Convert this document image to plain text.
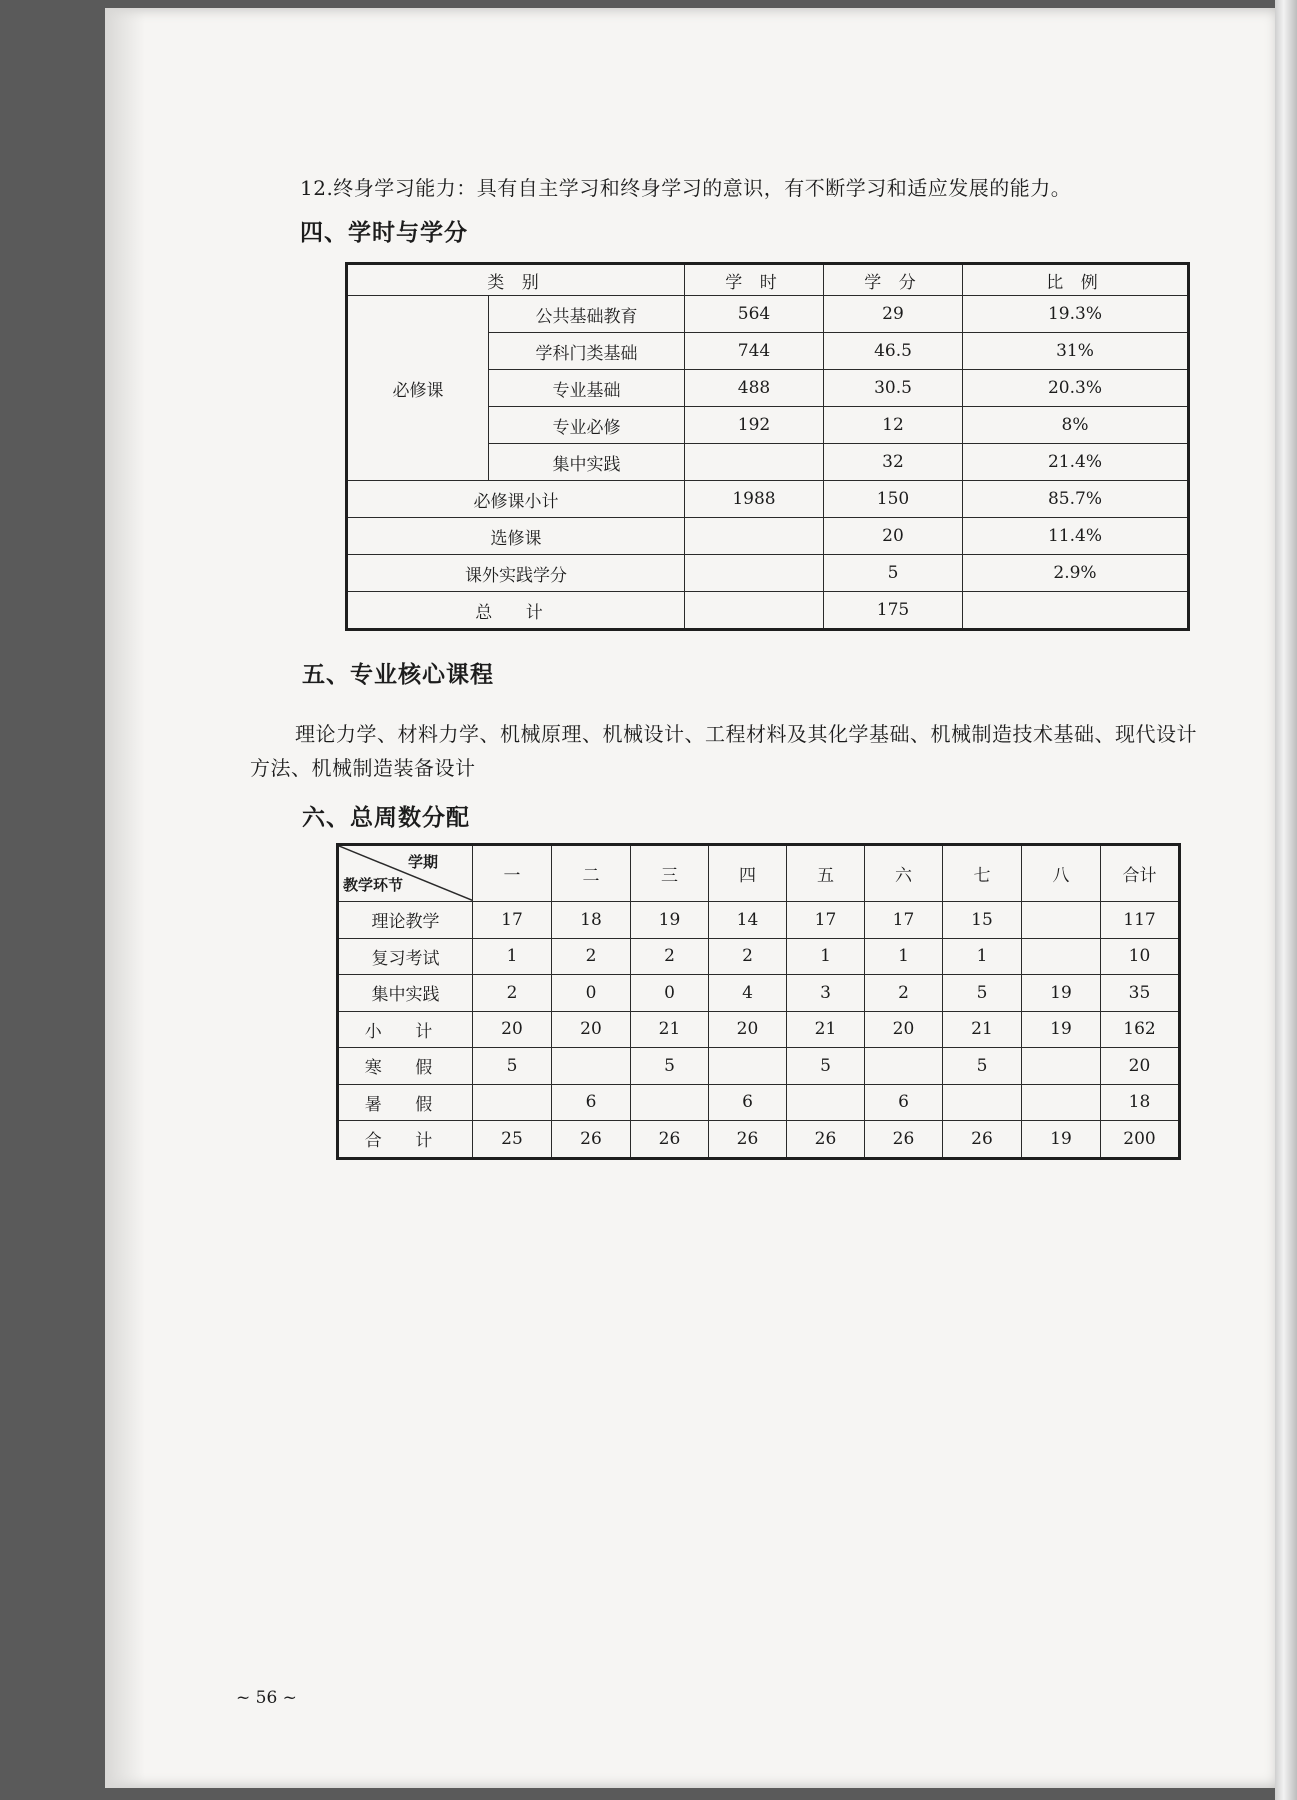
12.终身学习能力：具有自主学习和终身学习的意识，有不断学习和适应发展的能力。
四、学时与学分
类 别		学 时	学 分	比 例
必修课	公共基础教育	564	29	19.3%
	学科门类基础	744	46.5	31%
	专业基础	488	30.5	20.3%
	专业必修	192	12	8%
	集中实践		32	21.4%
必修课小计		1988	150	85.7%
选修课			20	11.4%
课外实践学分			5	2.9%
总 计			175	
五、专业核心课程
理论力学、材料力学、机械原理、机械设计、工程材料及其化学基础、机械制造技术基础、现代设计
方法、机械制造装备设计
六、总周数分配
学期
教学环节	一	二	三	四	五	六	七	八	合计
理论教学	17	18	19	14	17	17	15		117
复习考试	1	2	2	2	1	1	1		10
集中实践	2	0	0	4	3	2	5	19	35
小 计	20	20	21	20	21	20	21	19	162
寒 假	5		5		5		5		20
暑 假		6		6		6			18
合 计	25	26	26	26	26	26	26	19	200
~ 56 ~
